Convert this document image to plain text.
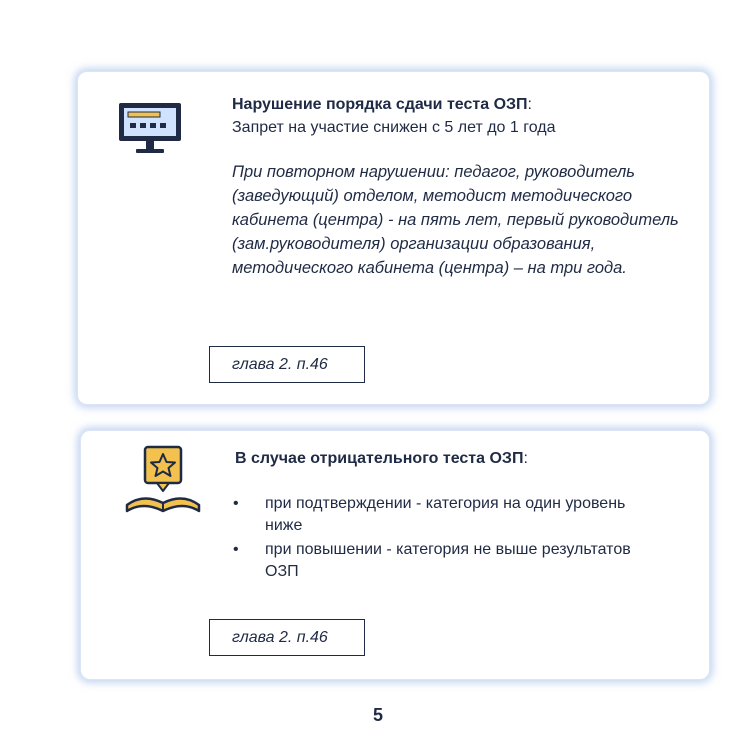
Нарушение порядка сдачи теста ОЗП:
Запрет на участие снижен с 5 лет до 1 года
При повторном нарушении: педагог, руководитель (заведующий) отделом, методист методического кабинета (центра) - на пять лет, первый руководитель (зам.руководителя) организации образования, методического кабинета (центра) – на три года.
глава 2. п.46
В случае отрицательного теста ОЗП:
• при подтверждении - категория на один уровень ниже
• при повышении - категория не выше результатов ОЗП
глава 2. п.46
5
